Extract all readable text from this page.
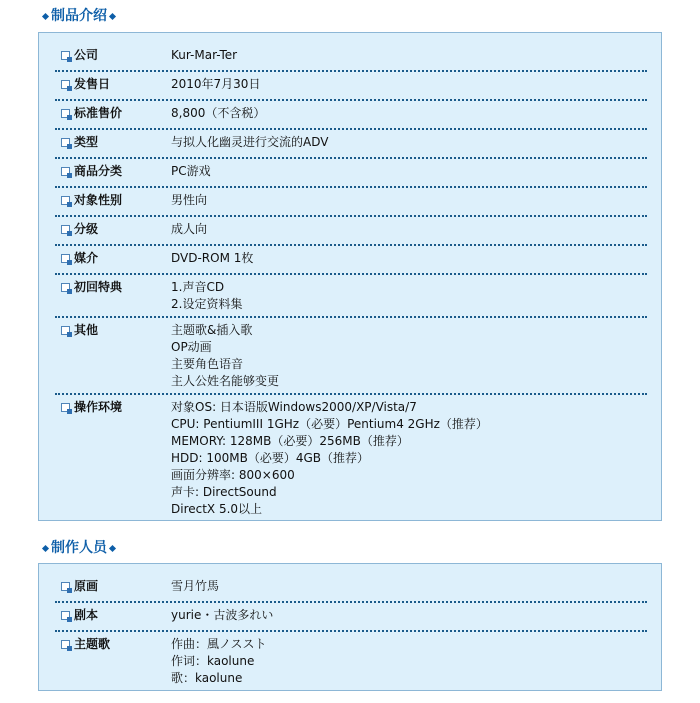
制品介绍
公司	Kur-Mar-Ter
发售日	2010年7月30日
标准售价	8,800（不含税）
类型	与拟人化幽灵进行交流的ADV
商品分类	PC游戏
对象性别	男性向
分级	成人向
媒介	DVD-ROM 1枚
初回特典	1.声音CD
2.设定资料集
其他	主题歌&插入歌
OP动画
主要角色语音
主人公姓名能够变更
操作环境	对象OS: 日本语版Windows2000/XP/Vista/7
CPU: PentiumIII 1GHz（必要）Pentium4 2GHz（推荐）
MEMORY: 128MB（必要）256MB（推荐）
HDD: 100MB（必要）4GB（推荐）
画面分辨率: 800×600
声卡: DirectSound
DirectX 5.0以上
制作人员
原画	雪月竹馬
剧本	yurie・古波多れい
主题歌	作曲：風ノススト
作词：kaolune
歌：kaolune
